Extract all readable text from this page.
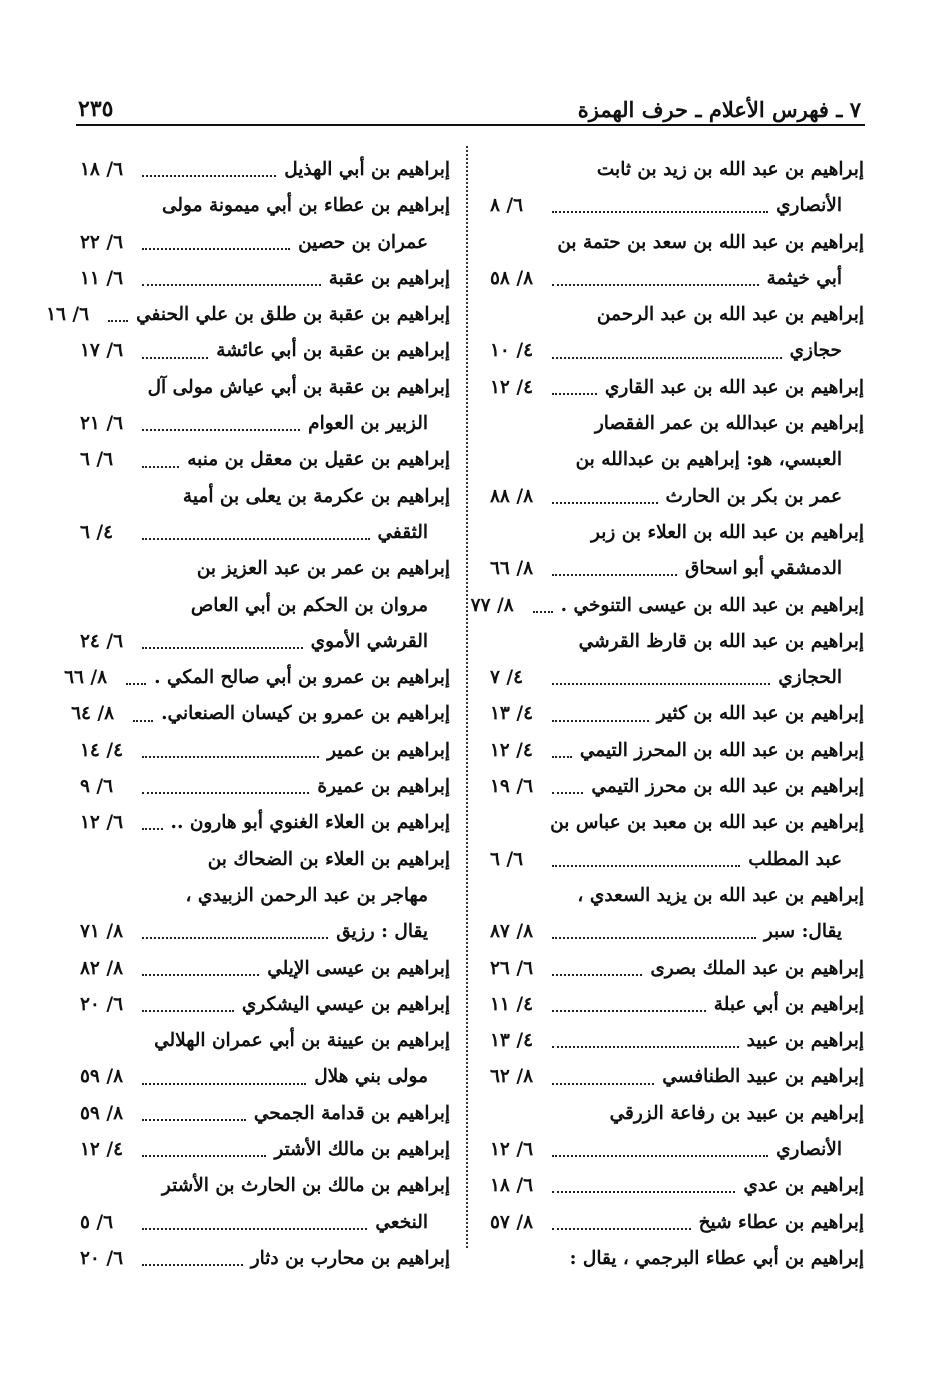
٢٣٥	٧ ـ فهرس الأعلام ـ حرف الهمزة
إبراهيم بن عبد الله بن زيد بن ثابت
الأنصاري
٦/ ٨
إبراهيم بن عبد الله بن سعد بن حتمة بن
أبي خيثمة
٨/ ٥٨
إبراهيم بن عبد الله بن عبد الرحمن
حجازي
٤/ ١٠
إبراهيم بن عبد الله بن عبد القاري
٤/ ١٢
إبراهيم بن عبدالله بن عمر الفقصار
العبسي، هو: إبراهيم بن عبدالله بن
عمر بن بكر بن الحارث
٨/ ٨٨
إبراهيم بن عبد الله بن العلاء بن زبر
الدمشقي أبو اسحاق
٨/ ٦٦
إبراهيم بن عبد الله بن عيسى التنوخي .
٨/ ٧٧
إبراهيم بن عبد الله بن قارظ القرشي
الحجازي
٤/ ٧
إبراهيم بن عبد الله بن كثير
٤/ ١٣
إبراهيم بن عبد الله بن المحرز التيمي
٤/ ١٢
إبراهيم بن عبد الله بن محرز التيمي
٦/ ١٩
إبراهيم بن عبد الله بن معبد بن عباس بن
عبد المطلب
٦/ ٦
إبراهيم بن عبد الله بن يزيد السعدي ،
يقال: سبر
٨/ ٨٧
إبراهيم بن عبد الملك بصرى
٦/ ٢٦
إبراهيم بن أبي عبلة
٤/ ١١
إبراهيم بن عبيد
٤/ ١٣
إبراهيم بن عبيد الطنافسي
٨/ ٦٢
إبراهيم بن عبيد بن رفاعة الزرقي
الأنصاري
٦/ ١٢
إبراهيم بن عدي
٦/ ١٨
إبراهيم بن عطاء شيخ
٨/ ٥٧
إبراهيم بن أبي عطاء البرجمي ، يقال :
إبراهيم بن أبي الهذيل
٦/ ١٨
إبراهيم بن عطاء بن أبي ميمونة مولى
عمران بن حصين
٦/ ٢٢
إبراهيم بن عقبة
٦/ ١١
إبراهيم بن عقبة بن طلق بن علي الحنفي
٦/ ١٦
إبراهيم بن عقبة بن أبي عائشة
٦/ ١٧
إبراهيم بن عقبة بن أبي عياش مولى آل
الزبير بن العوام
٦/ ٢١
إبراهيم بن عقيل بن معقل بن منبه
٦/ ٦
إبراهيم بن عكرمة بن يعلى بن أمية
الثقفي
٤/ ٦
إبراهيم بن عمر بن عبد العزيز بن
مروان بن الحكم بن أبي العاص
القرشي الأموي
٦/ ٢٤
إبراهيم بن عمرو بن أبي صالح المكي .
٨/ ٦٦
إبراهيم بن عمرو بن كيسان الصنعاني.
٨/ ٦٤
إبراهيم بن عمير
٤/ ١٤
إبراهيم بن عميرة
٦/ ٩
إبراهيم بن العلاء الغنوي أبو هارون ..
٦/ ١٢
إبراهيم بن العلاء بن الضحاك بن
مهاجر بن عبد الرحمن الزبيدي ،
يقال : رزيق
٨/ ٧١
إبراهيم بن عيسى الإيلي
٨/ ٨٢
إبراهيم بن عيسي اليشكري
٦/ ٢٠
إبراهيم بن عيينة بن أبي عمران الهلالي
مولى بني هلال
٨/ ٥٩
إبراهيم بن قدامة الجمحي
٨/ ٥٩
إبراهيم بن مالك الأشتر
٤/ ١٢
إبراهيم بن مالك بن الحارث بن الأشتر
النخعي
٦/ ٥
إبراهيم بن محارب بن دثار
٦/ ٢٠
